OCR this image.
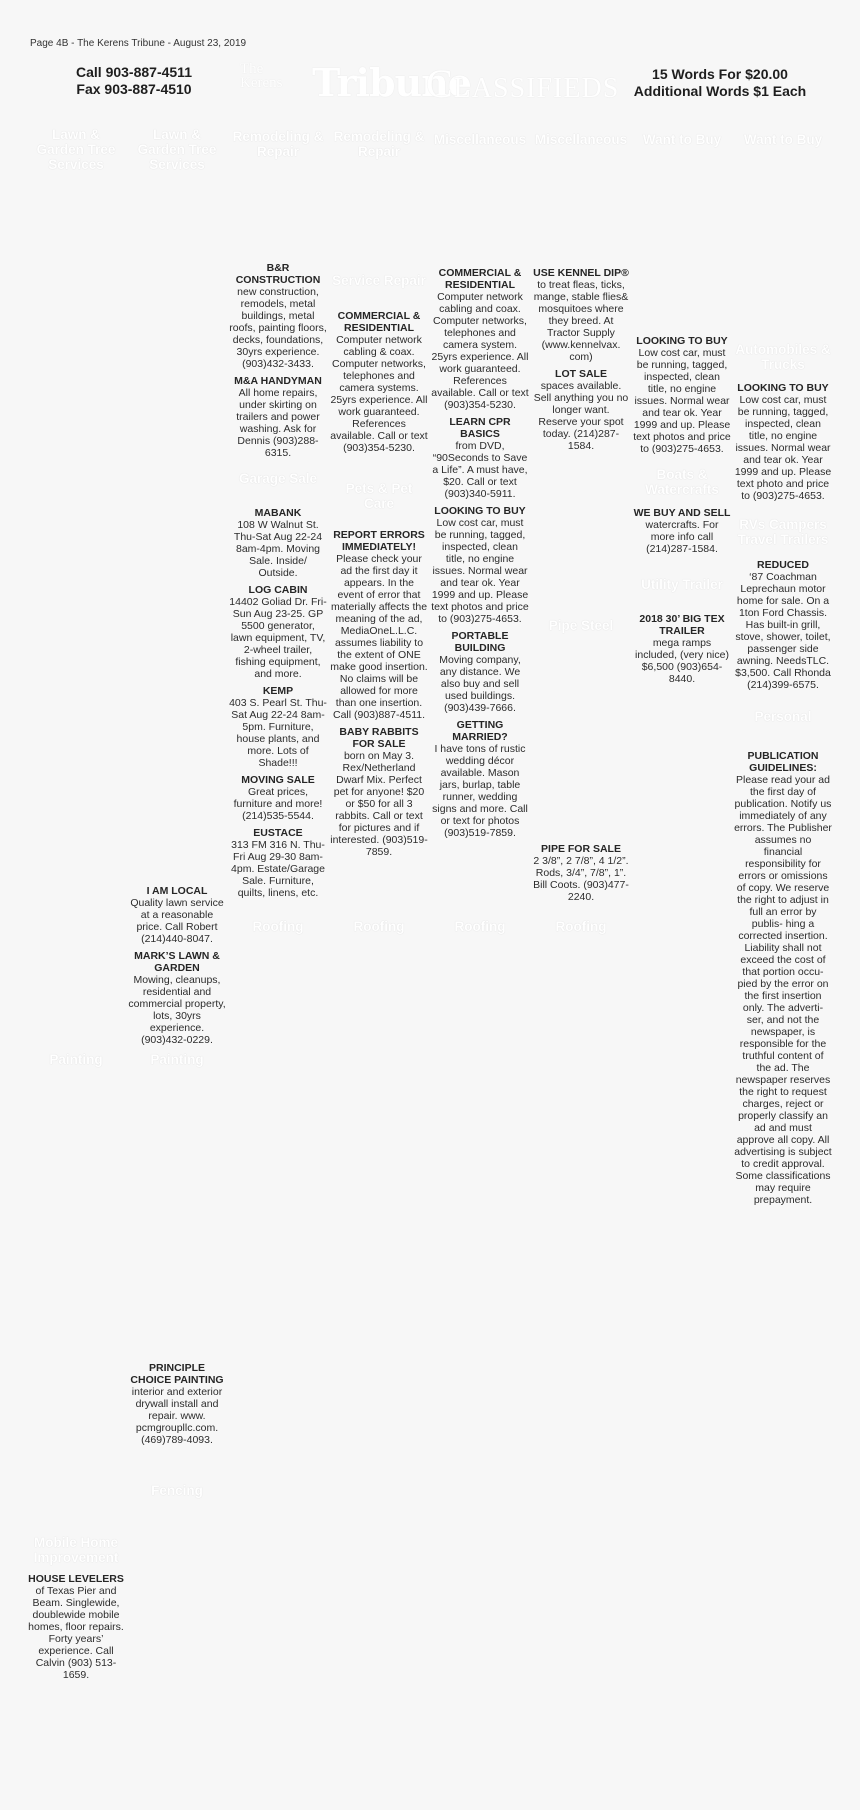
Page 4B - The Kerens Tribune - August 23, 2019
Call 903-887-4511
Fax 903-887-4510
The
Kerens Tribune
Classifieds	15 Words For $20.00
Additional Words $1 Each
Lawn & Garden Tree Services
Lawn & Garden Tree Services
Remodeling & Repair
Remodeling & Repair
Miscellaneous Miscellaneous	Want to Buy	Want to Buy
Service Repair
Automobiles & Trucks
Garage Sale
Pets & Pet Care
Boats & Watercrafts
RVs Campers Travel Trailers
Utility Trailer
Pipe Steel
Personal
Roofing	Roofing	Roofing	Roofing
Painting	Painting
Fencing
Mobile Home Improvement
B&R CONSTRUCTION
new construction, remodels, metal buildings, metal roofs, painting floors, decks, foundations, 30yrs experience. (903)432-3433.
M&A HANDYMAN
All home repairs, under skirting on trailers and power washing. Ask for Dennis (903)288-6315.
MABANK
108 W Walnut St. Thu-Sat Aug 22-24 8am-4pm. Moving Sale. Inside/ Outside.
LOG CABIN
14402 Goliad Dr. Fri-Sun Aug 23-25. GP 5500 generator, lawn equipment, TV, 2-wheel trailer, fishing equipment, and more.
KEMP
403 S. Pearl St. Thu-Sat Aug 22-24 8am-5pm. Furniture, house plants, and more. Lots of Shade!!!
MOVING SALE
Great prices, furniture and more! (214)535-5544.
EUSTACE
313 FM 316 N. Thu-Fri Aug 29-30 8am-4pm. Estate/Garage Sale. Furniture, quilts, linens, etc.
COMMERCIAL & RESIDENTIAL
Computer network cabling & coax. Computer networks, telephones and camera systems. 25yrs experience. All work guaranteed. References available. Call or text (903)354-5230.
REPORT ERRORS IMMEDIATELY!
Please check your ad the first day it appears. In the event of error that materially affects the meaning of the ad, MediaOneL.L.C. assumes liability to the extent of ONE make good insertion. No claims will be allowed for more than one insertion. Call (903)887-4511.
BABY RABBITS FOR SALE
born on May 3. Rex/Netherland Dwarf Mix. Perfect pet for anyone! $20 or $50 for all 3 rabbits. Call or text for pictures and if interested. (903)519-7859.
COMMERCIAL & RESIDENTIAL
Computer network cabling and coax. Computer networks, telephones and camera system. 25yrs experience. All work guaranteed. References available. Call or text (903)354-5230.
LEARN CPR BASICS
from DVD, “90Seconds to Save a Life”. A must have, $20. Call or text (903)340-5911.
LOOKING TO BUY
Low cost car, must be running, tagged, inspected, clean title, no engine issues. Normal wear and tear ok. Year 1999 and up. Please text photos and price to (903)275-4653.
PORTABLE BUILDING
Moving company, any distance. We also buy and sell used buildings. (903)439-7666.
GETTING MARRIED?
I have tons of rustic wedding décor available. Mason jars, burlap, table runner, wedding signs and more. Call or text for photos (903)519-7859.
USE KENNEL DIP®
to treat fleas, ticks, mange, stable flies& mosquitoes where they breed. At Tractor Supply (www.kennelvax. com)
LOT SALE
spaces available. Sell anything you no longer want. Reserve your spot today. (214)287-1584.
PIPE FOR SALE
2 3/8”, 2 7/8”, 4 1/2”. Rods, 3/4”, 7/8”, 1”. Bill Coots. (903)477-2240.
LOOKING TO BUY
Low cost car, must be running, tagged, inspected, clean title, no engine issues. Normal wear and tear ok. Year 1999 and up. Please text photos and price to (903)275-4653.
WE BUY AND SELL
watercrafts. For more info call (214)287-1584.
2018 30’ BIG TEX TRAILER
mega ramps included, (very nice) $6,500 (903)654-8440.
LOOKING TO BUY
Low cost car, must be running, tagged, inspected, clean title, no engine issues. Normal wear and tear ok. Year 1999 and up. Please text photo and price to (903)275-4653.
REDUCED
‘87 Coachman Leprechaun motor home for sale. On a 1ton Ford Chassis. Has built-in grill, stove, shower, toilet, passenger side awning. NeedsTLC. $3,500. Call Rhonda (214)399-6575.
PUBLICATION GUIDELINES:
Please read your ad the first day of publication. Notify us immediately of any errors. The Publisher assumes no financial responsibility for errors or omissions of copy. We reserve the right to adjust in full an error by publis- hing a corrected insertion. Liability shall not exceed the cost of that portion occu- pied by the error on the first insertion only. The adverti- ser, and not the newspaper, is responsible for the truthful content of the ad. The newspaper reserves the right to request charges, reject or properly classify an ad and must approve all copy. All advertising is subject to credit approval. Some classifications may require prepayment.
I AM LOCAL
Quality lawn service at a reasonable price. Call Robert (214)440-8047.
MARK’S LAWN & GARDEN
Mowing, cleanups, residential and commercial property, lots, 30yrs experience. (903)432-0229.
PRINCIPLE CHOICE PAINTING
interior and exterior drywall install and repair. www. pcmgroupllc.com. (469)789-4093.
HOUSE LEVELERS
of Texas Pier and Beam. Singlewide, doublewide mobile homes, floor repairs. Forty years’ experience. Call Calvin (903) 513-1659.
